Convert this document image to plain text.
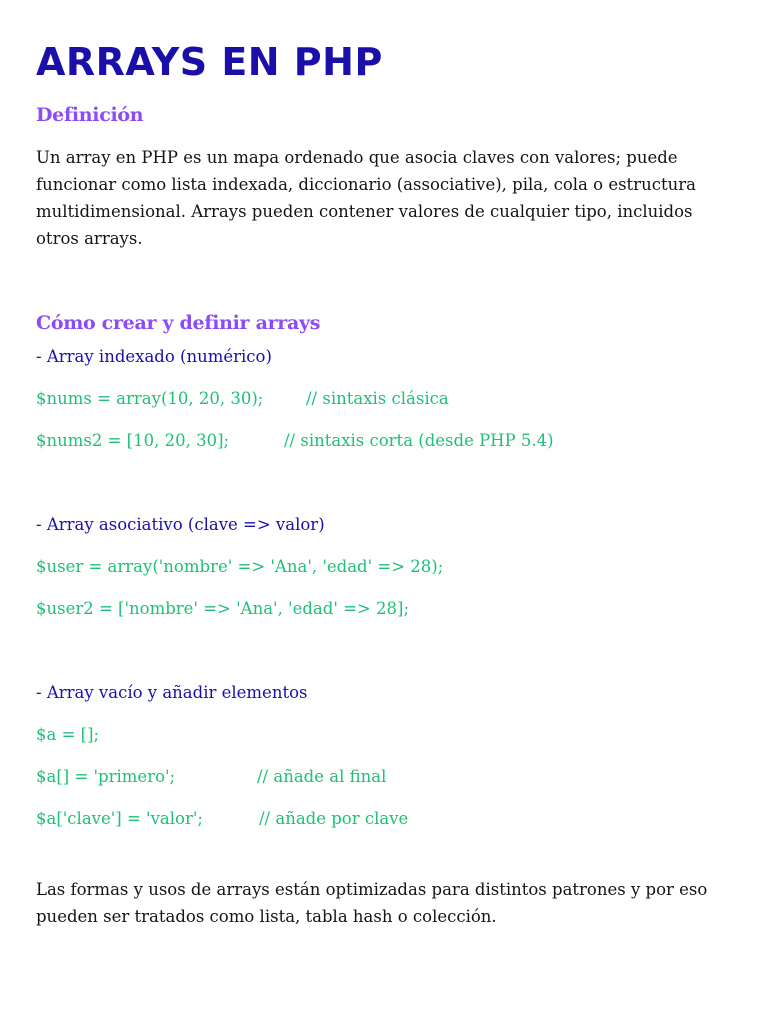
ARRAYS EN PHP
Definición

Un array en PHP es un mapa ordenado que asocia claves con valores; puede funcionar como lista indexada, diccionario (associative), pila, cola o estructura multidimensional. Arrays pueden contener valores de cualquier tipo, incluidos otros arrays.

Cómo crear y definir arrays

- Array indexado (numérico)

$nums = array(10, 20, 30);	// sintaxis clásica

$nums2 = [10, 20, 30];	// sintaxis corta (desde PHP 5.4)

- Array asociativo (clave => valor)

$user = array('nombre' => 'Ana', 'edad' => 28);

$user2 = ['nombre' => 'Ana', 'edad' => 28];

- Array vacío y añadir elementos

$a = [];

$a[] = 'primero';	// añade al final

$a['clave'] = 'valor';	// añade por clave

Las formas y usos de arrays están optimizadas para distintos patrones y por eso pueden ser tratados como lista, tabla hash o colección.
